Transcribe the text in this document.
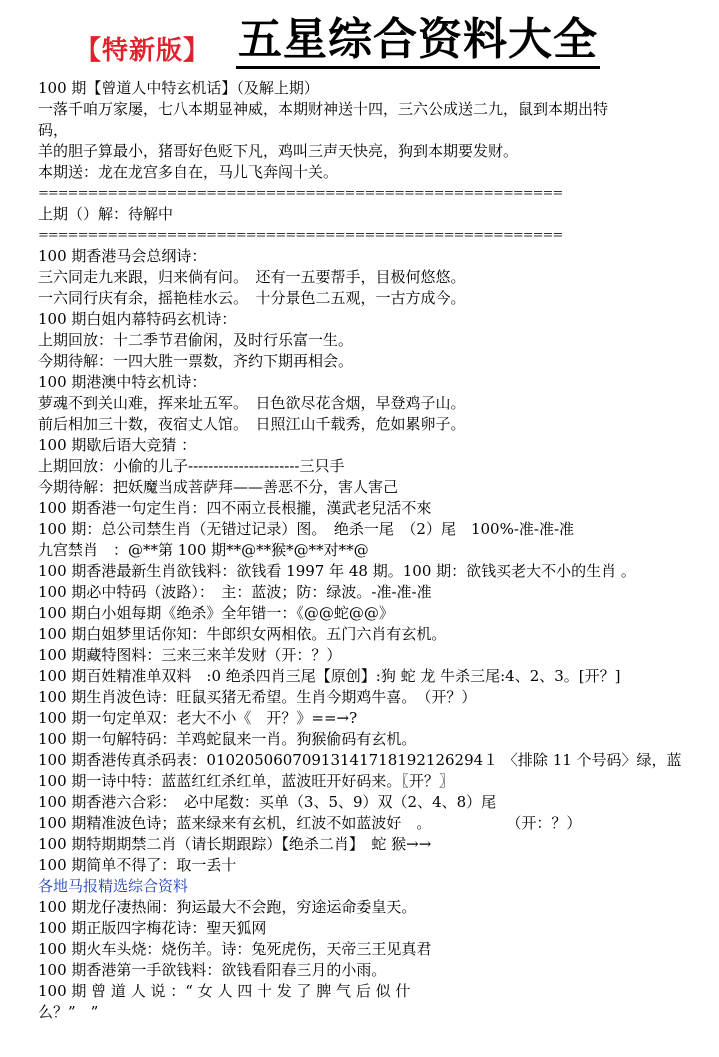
【特新版】 五星综合资料大全
100 期【曾道人中特玄机话】（及解上期）
一落千咱万家屡，七八本期显神威，本期财神送十四，三六公成送二九，鼠到本期出特
码，
羊的胆子算最小，猪哥好色贬下凡，鸡叫三声天快亮，狗到本期要发财。
本期送：龙在龙宫多自在，马儿飞奔闯十关。
=====================================================
上期（）解：待解中
=====================================================
100 期香港马会总纲诗：
三六同走九来跟，归来倘有问。　还有一五要帮手，目极何悠悠。
一六同行庆有余，摇艳桂水云。　十分景色二五观，一古方成今。
100 期白姐内幕特码玄机诗：
上期回放：十二季节君偷闲，及时行乐富一生。
今期待解：一四大胜一票数，齐约下期再相会。
100 期港澳中特玄机诗：
萝魂不到关山难，挥来址五军。　日色欲尽花含烟，早登鸡子山。
前后相加三十数，夜宿丈人馆。　日照江山千载秀，危如累卵子。
100 期歇后语大竞猜 ：
上期回放：小偷的儿子----------------------三只手
今期待解：把妖魔当成菩萨拜——善恶不分，害人害己
100 期香港一句定生肖：四不兩立長根攏，漢武老兒活不來
100 期：总公司禁生肖（无错过记录）图。　绝杀一尾　（2）尾　100%-准-准-准
九宫禁肖　：@**第 100 期**@**猴*@**对**@
100 期香港最新生肖欲钱料：欲钱看 1997 年 48 期。100 期：欲钱买老大不小的生肖 。
100 期必中特码（波路）：　主：蓝波；防：绿波。-准-准-准
100 期白小姐每期《绝杀》全年错一：《@@蛇@@》
100 期白姐梦里话你知：牛郎织女两相依。五门六肖有玄机。
100 期藏特图料：三来三来羊发财（开：？）
100 期百姓精准单双料　:0 绝杀四肖三尾【原创】:狗 蛇 龙 牛杀三尾:4、2、3。[开？]
100 期生肖波色诗：旺鼠买猪无希望。生肖今期鸡牛喜。　（开？）
100 期一句定单双：老大不小《　开？》==→?
100 期一句解特码：羊鸡蛇鼠来一肖。狗猴偷码有玄机。
100 期香港传真杀码表：01020506070913141718192126294１ 〈排除 11 个号码〉绿，蓝
100 期一诗中特：蓝蓝红红杀红单，蓝波旺开好码来。〖开？〗
100 期香港六合彩：　必中尾数：买单（3、5、9）双（2、4、8）尾
100 期精准波色诗；蓝来绿来有玄机，红波不如蓝波好　。　　　　　　（开：？）
100 期特期期禁二肖（请长期跟踪）【绝杀二肖】　蛇 猴→→
100 期简单不得了：取一丢十
各地马报精选综合资料
100 期龙仔凄热闹：狗运最大不会跑，穷途运命委皇天。
100 期正版四字梅花诗：聖天狐网
100 期火车头烧：烧伤羊。诗：兔死虎伤，天帝三王见真君
100 期香港第一手欲钱料：欲钱看阳春三月的小雨。
100 期 曾 道 人 说 ：“ 女 人 四 十 发 了 脾 气 后 似 什
么？”　”
